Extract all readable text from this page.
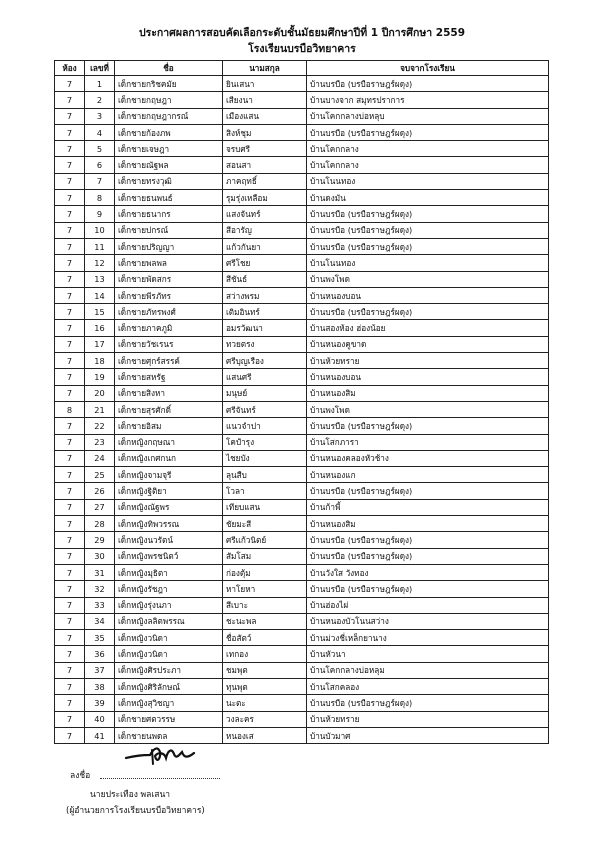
ประกาศผลการสอบคัดเลือกระดับชั้นมัธยมศึกษาปีที่ 1 ปีการศึกษา 2559
โรงเรียนบรบือวิทยาคาร
ห้อง	เลขที่	ชื่อ	นามสกุล	จบจากโรงเรียน
7	1	เด็กชายกริชคมัย	ยินเสนา	บ้านบรบือ (บรบือราษฎร์ผดุง)
7	2	เด็กชายกฤษฎา	เสียงนา	บ้านบางจาก สมุทรปราการ
7	3	เด็กชายกฤษฎากรณ์	เมืองแสน	บ้านโคกกลางบ่อหลุบ
7	4	เด็กชายก้องภพ	สิงห์ชุม	บ้านบรบือ (บรบือราษฎร์ผดุง)
7	5	เด็กชายเจษฎา	จรบศรี	บ้านโคกกลาง
7	6	เด็กชายณัฐพล	สอนสา	บ้านโคกกลาง
7	7	เด็กชายทรงวุฒิ	ภาคฤทธิ์	บ้านโนนทอง
7	8	เด็กชายธนพนธ์	รุมรุ่งเหลือม	บ้านดงมัน
7	9	เด็กชายธนากร	แสงจันทร์	บ้านบรบือ (บรบือราษฎร์ผดุง)
7	10	เด็กชายปกรณ์	สีอารัญ	บ้านบรบือ (บรบือราษฎร์ผดุง)
7	11	เด็กชายปริญญา	แก้วกันยา	บ้านบรบือ (บรบือราษฎร์ผดุง)
7	12	เด็กชายพลพล	ศรีโชย	บ้านโนนทอง
7	13	เด็กชายพัดสกร	สีชันธ์	บ้านพงโพด
7	14	เด็กชายพีรภัทร	สว่างพรม	บ้านหนองบอน
7	15	เด็กชายภัทรพงศ์	เติมอินทร์	บ้านบรบือ (บรบือราษฎร์ผดุง)
7	16	เด็กชายภาคภูมิ	อมรวัฒนา	บ้านสองห้อง ฮ่องน้อย
7	17	เด็กชายวัชเรนร	ทวยตรง	บ้านหนองคูขาด
7	18	เด็กชายศุกร์สรรค์	ศรีบุญเรือง	บ้านห้วยทราย
7	19	เด็กชายสหรัฐ	แสนศรี	บ้านหนองบอน
7	20	เด็กชายสิงหา	มนุษย์	บ้านหนองสิม
8	21	เด็กชายสุรศักดิ์	ศรีจันทร์	บ้านพงโพด
7	22	เด็กชายอิสม	แนวจำปา	บ้านบรบือ (บรบือราษฎร์ผดุง)
7	23	เด็กหญิงกฤษณา	โคปำรุง	บ้านโสกภารา
7	24	เด็กหญิงเกศกนก	ไชยบัง	บ้านหนองคลองหัวช้าง
7	25	เด็กหญิงจามจุรี	ลุนสืบ	บ้านหนองแก
7	26	เด็กหญิงฐิติยา	โวลา	บ้านบรบือ (บรบือราษฎร์ผดุง)
7	27	เด็กหญิงณัฐพร	เทียบแสน	บ้านก้าพี้
7	28	เด็กหญิงทิพวรรณ	ชัยมะสี	บ้านหนองสิม
7	29	เด็กหญิงนวรัตน์	ศรีแก้วนิตย์	บ้านบรบือ (บรบือราษฎร์ผดุง)
7	30	เด็กหญิงพรชนิตว์	สัมโสม	บ้านบรบือ (บรบือราษฎร์ผดุง)
7	31	เด็กหญิงมุธิตา	ก่องตุ้ม	บ้านวังใส วังทอง
7	32	เด็กหญิงรัชฎา	หาโยหา	บ้านบรบือ (บรบือราษฎร์ผดุง)
7	33	เด็กหญิงรุ่งนภา	สีเบาะ	บ้านฮ่องไผ่
7	34	เด็กหญิงลลิตพรรณ	ชะนะพล	บ้านหนองบัวโนนสว่าง
7	35	เด็กหญิงวนิดา	ชื่อสัตว์	บ้านม่วงชี่เหล็กยานาง
7	36	เด็กหญิงวนิดา	เทกอง	บ้านหัวนา
7	37	เด็กหญิงศิรประภา	ชมพุต	บ้านโคกกลางบ่อหลุม
7	38	เด็กหญิงศิริลักษณ์	ทุนพุต	บ้านโสกคลอง
7	39	เด็กหญิงสุวิชญา	นะตะ	บ้านบรบือ (บรบือราษฎร์ผดุง)
7	40	เด็กชายศตวรรษ	วงละคร	บ้านห้วยทราย
7	41	เด็กชายนพดล	หนองเส	บ้านบัวมาศ
ลงชื่อ
นายประเทือง พลเสนา
(ผู้อำนวยการโรงเรียนบรบือวิทยาคาร)
